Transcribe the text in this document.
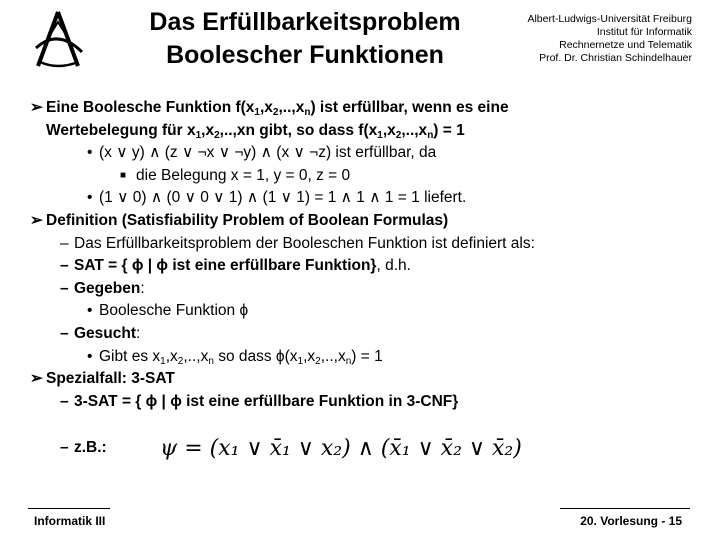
Das Erfüllbarkeitsproblem
Boolescher Funktionen
Albert-Ludwigs-Universität Freiburg
Institut für Informatik
Rechnernetze und Telematik
Prof. Dr. Christian Schindelhauer
➢ Eine Boolesche Funktion $f(x_1,x_2,..,x_n)$ ist erfüllbar, wenn es eine
Wertebelegung für $x_1,x_2,..,xn$ gibt, so dass $f(x_1,x_2,..,x_n) = 1$
• (x ∨ y) ∧ (z ∨ ¬x ∨ ¬y) ∧ (x ∨ ¬z) ist erfüllbar, da
■ die Belegung x = 1, y = 0, z = 0
• (1 ∨ 0) ∧ (0 ∨ 0 ∨ 1) ∧ (1 ∨ 1) = 1 ∧ 1 ∧ 1 = 1 liefert.
➢ Definition (Satisfiability Problem of Boolean Formulas)
– Das Erfüllbarkeitsproblem der Booleschen Funktion ist definiert als:
– SAT = { ϕ | ϕ ist eine erfüllbare Funktion}, d.h.
– Gegeben:
• Boolesche Funktion ϕ
– Gesucht:
• Gibt es $x_1,x_2,..,x_n$ so dass $\phi(x_1,x_2,..,x_n) = 1$
➢ Spezialfall: 3-SAT
– 3-SAT = { ϕ | ϕ ist eine erfüllbare Funktion in 3-CNF}
– z.B.:	ψ = (x₁ ∨ x̄₁ ∨ x₂) ∧ (x̄₁ ∨ x̄₂ ∨ x̄₂)
Informatik III	20. Vorlesung - 15
